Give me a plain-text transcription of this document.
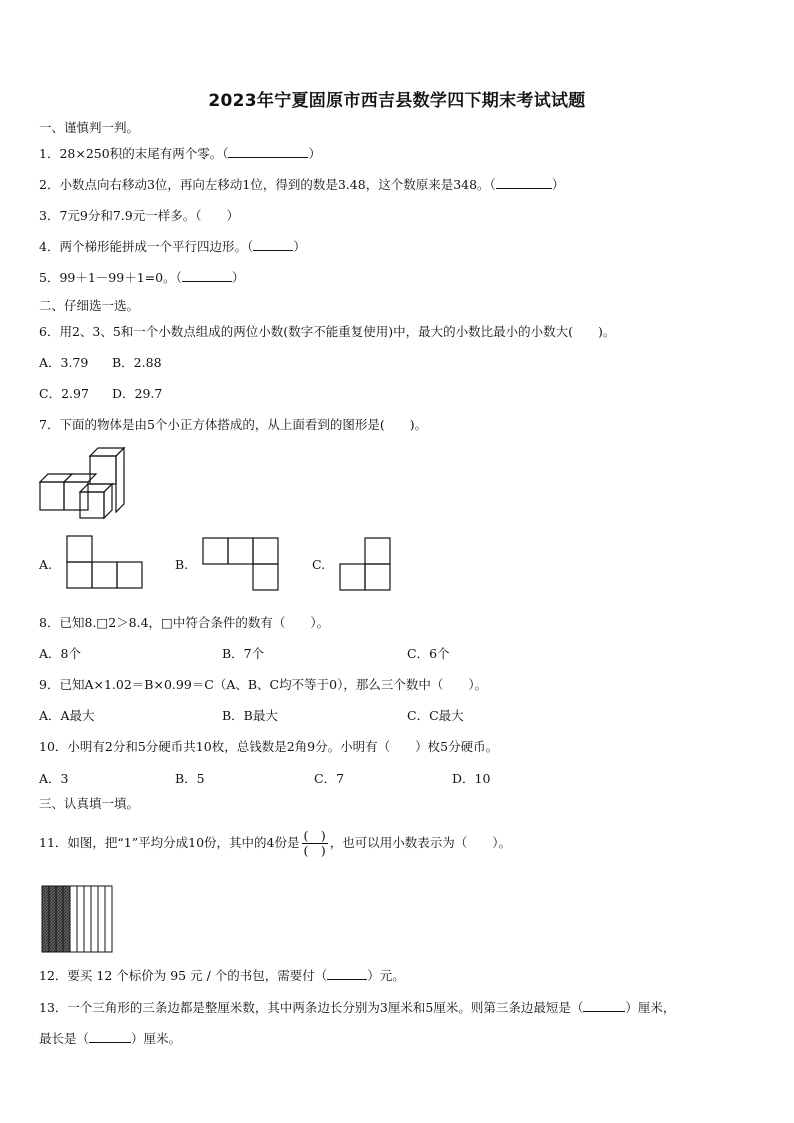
2023年宁夏固原市西吉县数学四下期末考试试题
一、谨慎判一判。
1．28×250积的末尾有两个零。（	）
2．小数点向右移动3位，再向左移动1位，得到的数是3.48，这个数原来是348。（	）
3．7元9分和7.9元一样多。（　　）
4．两个梯形能拼成一个平行四边形。（	）
5．99＋1－99＋1=0。（	）
二、仔细选一选。
6．用2、3、5和一个小数点组成的两位小数(数字不能重复使用)中，最大的小数比最小的小数大(　　)。
A．3.79 B．2.88
C．2.97 D．29.7
7．下面的物体是由5个小正方体搭成的，从上面看到的图形是(　　)。
A.	B.	C.
8．已知8.□2＞8.4，□中符合条件的数有（　　）。
A．8个	B．7个	C．6个
9．已知A×1.02＝B×0.99＝C（A、B、C均不等于0），那么三个数中（　　）。
A．A最大	B．B最大	C．C最大
10．小明有2分和5分硬币共10枚，总钱数是2角9分。小明有（　　）枚5分硬币。
A．3	B．5	C．7	D．10
三、认真填一填。
11．如图，把“1”平均分成10份，其中的4份是 $\frac{( )}{( )}$ ，也可以用小数表示为（　　）。
12．要买 12 个标价为 95 元 / 个的书包，需要付（	）元。
13．一个三角形的三条边都是整厘米数，其中两条边长分别为3厘米和5厘米。则第三条边最短是（	）厘米，
最长是（	）厘米。
